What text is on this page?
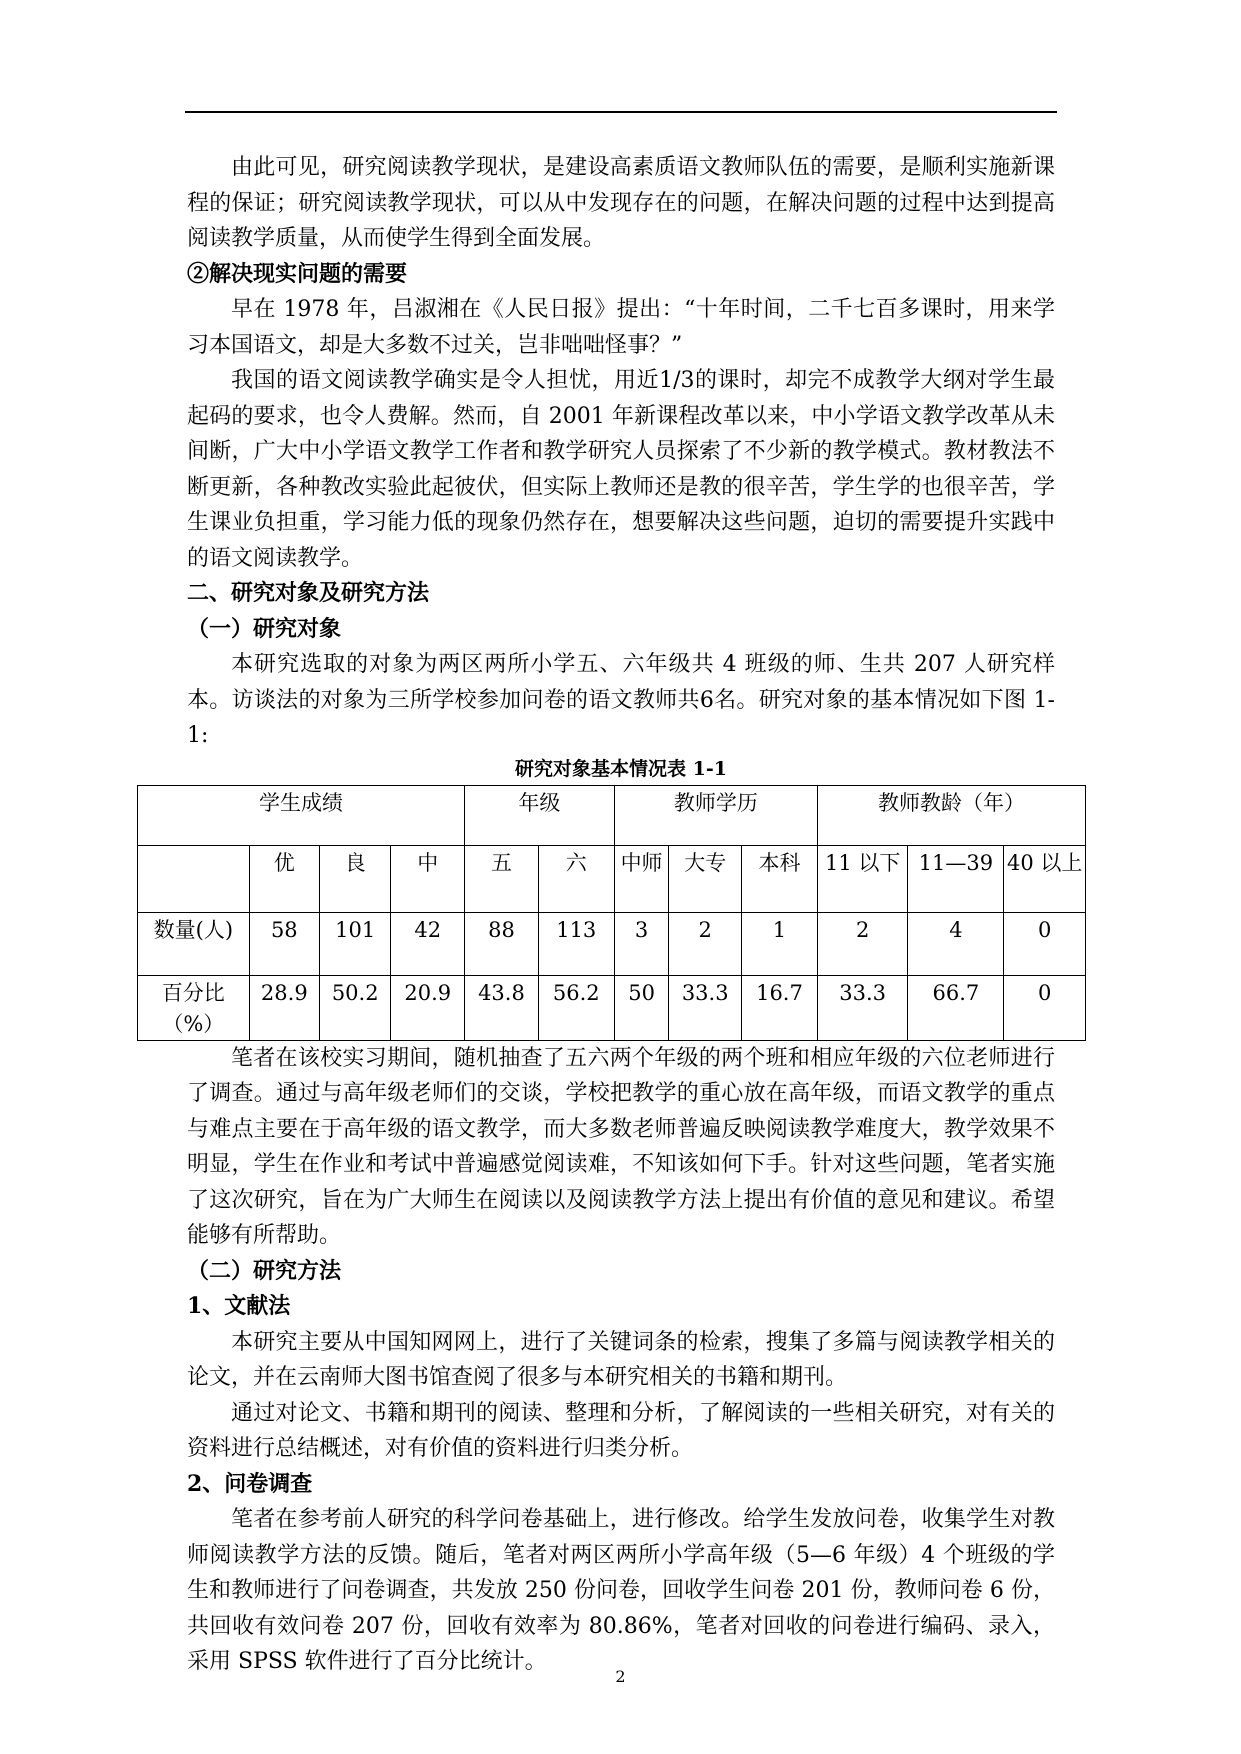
由此可见，研究阅读教学现状，是建设高素质语文教师队伍的需要，是顺利实施新课程的保证；研究阅读教学现状，可以从中发现存在的问题，在解决问题的过程中达到提高阅读教学质量，从而使学生得到全面发展。

②解决现实问题的需要

早在 1978 年，吕淑湘在《人民日报》提出：“十年时间，二千七百多课时，用来学习本国语文，却是大多数不过关，岂非咄咄怪事？”

我国的语文阅读教学确实是令人担忧，用近1/3的课时，却完不成教学大纲对学生最起码的要求，也令人费解。然而，自 2001 年新课程改革以来，中小学语文教学改革从未间断，广大中小学语文教学工作者和教学研究人员探索了不少新的教学模式。教材教法不断更新，各种教改实验此起彼伏，但实际上教师还是教的很辛苦，学生学的也很辛苦，学生课业负担重，学习能力低的现象仍然存在，想要解决这些问题，迫切的需要提升实践中的语文阅读教学。

二、研究对象及研究方法

（一）研究对象

本研究选取的对象为两区两所小学五、六年级共 4 班级的师、生共 207 人研究样本。访谈法的对象为三所学校参加问卷的语文教师共6名。研究对象的基本情况如下图 1-1:

研究对象基本情况表 1-1

学生成绩				年级		教师学历			教师教龄（年）		
	优	良	中	五	六	中师	大专	本科	11 以下	11—39	40 以上
数量(人)	58	101	42	88	113	3	2	1	2	4	0
百分比（%）	28.9	50.2	20.9	43.8	56.2	50	33.3	16.7	33.3	66.7	0

笔者在该校实习期间，随机抽查了五六两个年级的两个班和相应年级的六位老师进行了调查。通过与高年级老师们的交谈，学校把教学的重心放在高年级，而语文教学的重点与难点主要在于高年级的语文教学，而大多数老师普遍反映阅读教学难度大，教学效果不明显，学生在作业和考试中普遍感觉阅读难，不知该如何下手。针对这些问题，笔者实施了这次研究，旨在为广大师生在阅读以及阅读教学方法上提出有价值的意见和建议。希望能够有所帮助。

（二）研究方法

1、文献法

本研究主要从中国知网网上，进行了关键词条的检索，搜集了多篇与阅读教学相关的论文，并在云南师大图书馆查阅了很多与本研究相关的书籍和期刊。

通过对论文、书籍和期刊的阅读、整理和分析，了解阅读的一些相关研究，对有关的资料进行总结概述，对有价值的资料进行归类分析。

2、问卷调查

笔者在参考前人研究的科学问卷基础上，进行修改。给学生发放问卷，收集学生对教师阅读教学方法的反馈。随后，笔者对两区两所小学高年级（5—6 年级）4 个班级的学生和教师进行了问卷调查，共发放 250 份问卷，回收学生问卷 201 份，教师问卷 6 份，共回收有效问卷 207 份，回收有效率为 80.86%，笔者对回收的问卷进行编码、录入，采用 SPSS 软件进行了百分比统计。

2
